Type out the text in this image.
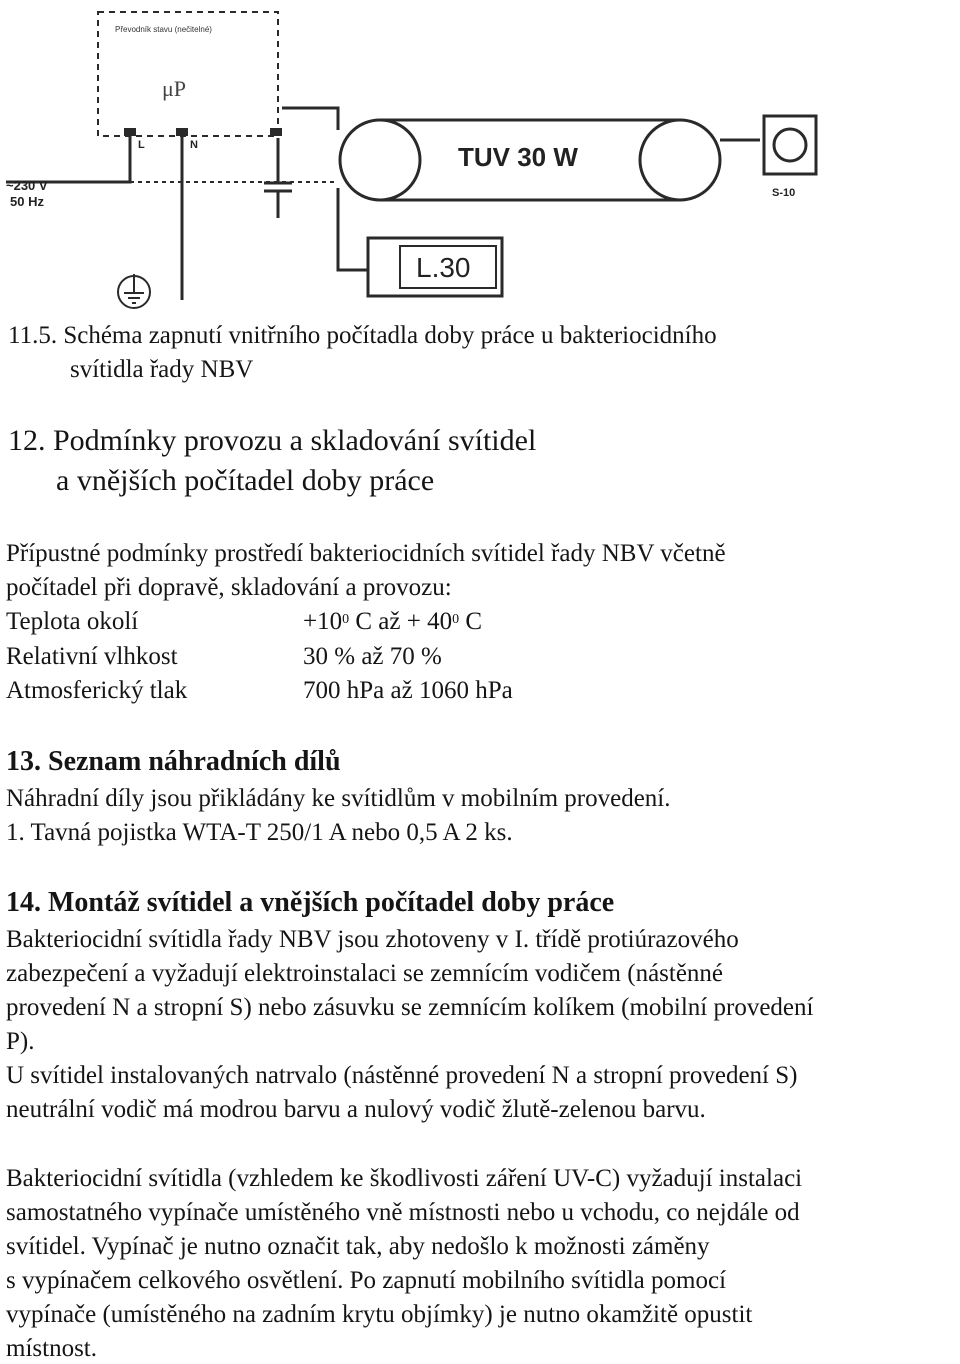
Převodník stavu (nečitelné)
μP
L	N
~230 V
50 Hz
TUV 30 W
S-10
L.30
11.5. Schéma zapnutí vnitřního počítadla doby práce u bakteriocidního
svítidla řady NBV
12. Podmínky provozu a skladování svítidel
a vnějších počítadel doby práce
Přípustné podmínky prostředí bakteriocidních svítidel řady NBV včetně
počítadel při dopravě, skladování a provozu:
Teplota okolí	$+10^0$ C až + $40^0$ C
Relativní vlhkost	30 % až 70 %
Atmosferický tlak	700 hPa až 1060 hPa
13. Seznam náhradních dílů
Náhradní díly jsou přikládány ke svítidlům v mobilním provedení.
1. Tavná pojistka WTA-T 250/1 A nebo 0,5 A 2 ks.
14. Montáž svítidel a vnějších počítadel doby práce
Bakteriocidní svítidla řady NBV jsou zhotoveny v I. třídě protiúrazového
zabezpečení a vyžadují elektroinstalaci se zemnícím vodičem (nástěnné
provedení N a stropní S) nebo zásuvku se zemnícím kolíkem (mobilní provedení
P).
U svítidel instalovaných natrvalo (nástěnné provedení N a stropní provedení S)
neutrální vodič má modrou barvu a nulový vodič žlutě-zelenou barvu.
Bakteriocidní svítidla (vzhledem ke škodlivosti záření UV-C) vyžadují instalaci
samostatného vypínače umístěného vně místnosti nebo u vchodu, co nejdále od
svítidel. Vypínač je nutno označit tak, aby nedošlo k možnosti záměny
s vypínačem celkového osvětlení. Po zapnutí mobilního svítidla pomocí
vypínače (umístěného na zadním krytu objímky) je nutno okamžitě opustit
místnost.
